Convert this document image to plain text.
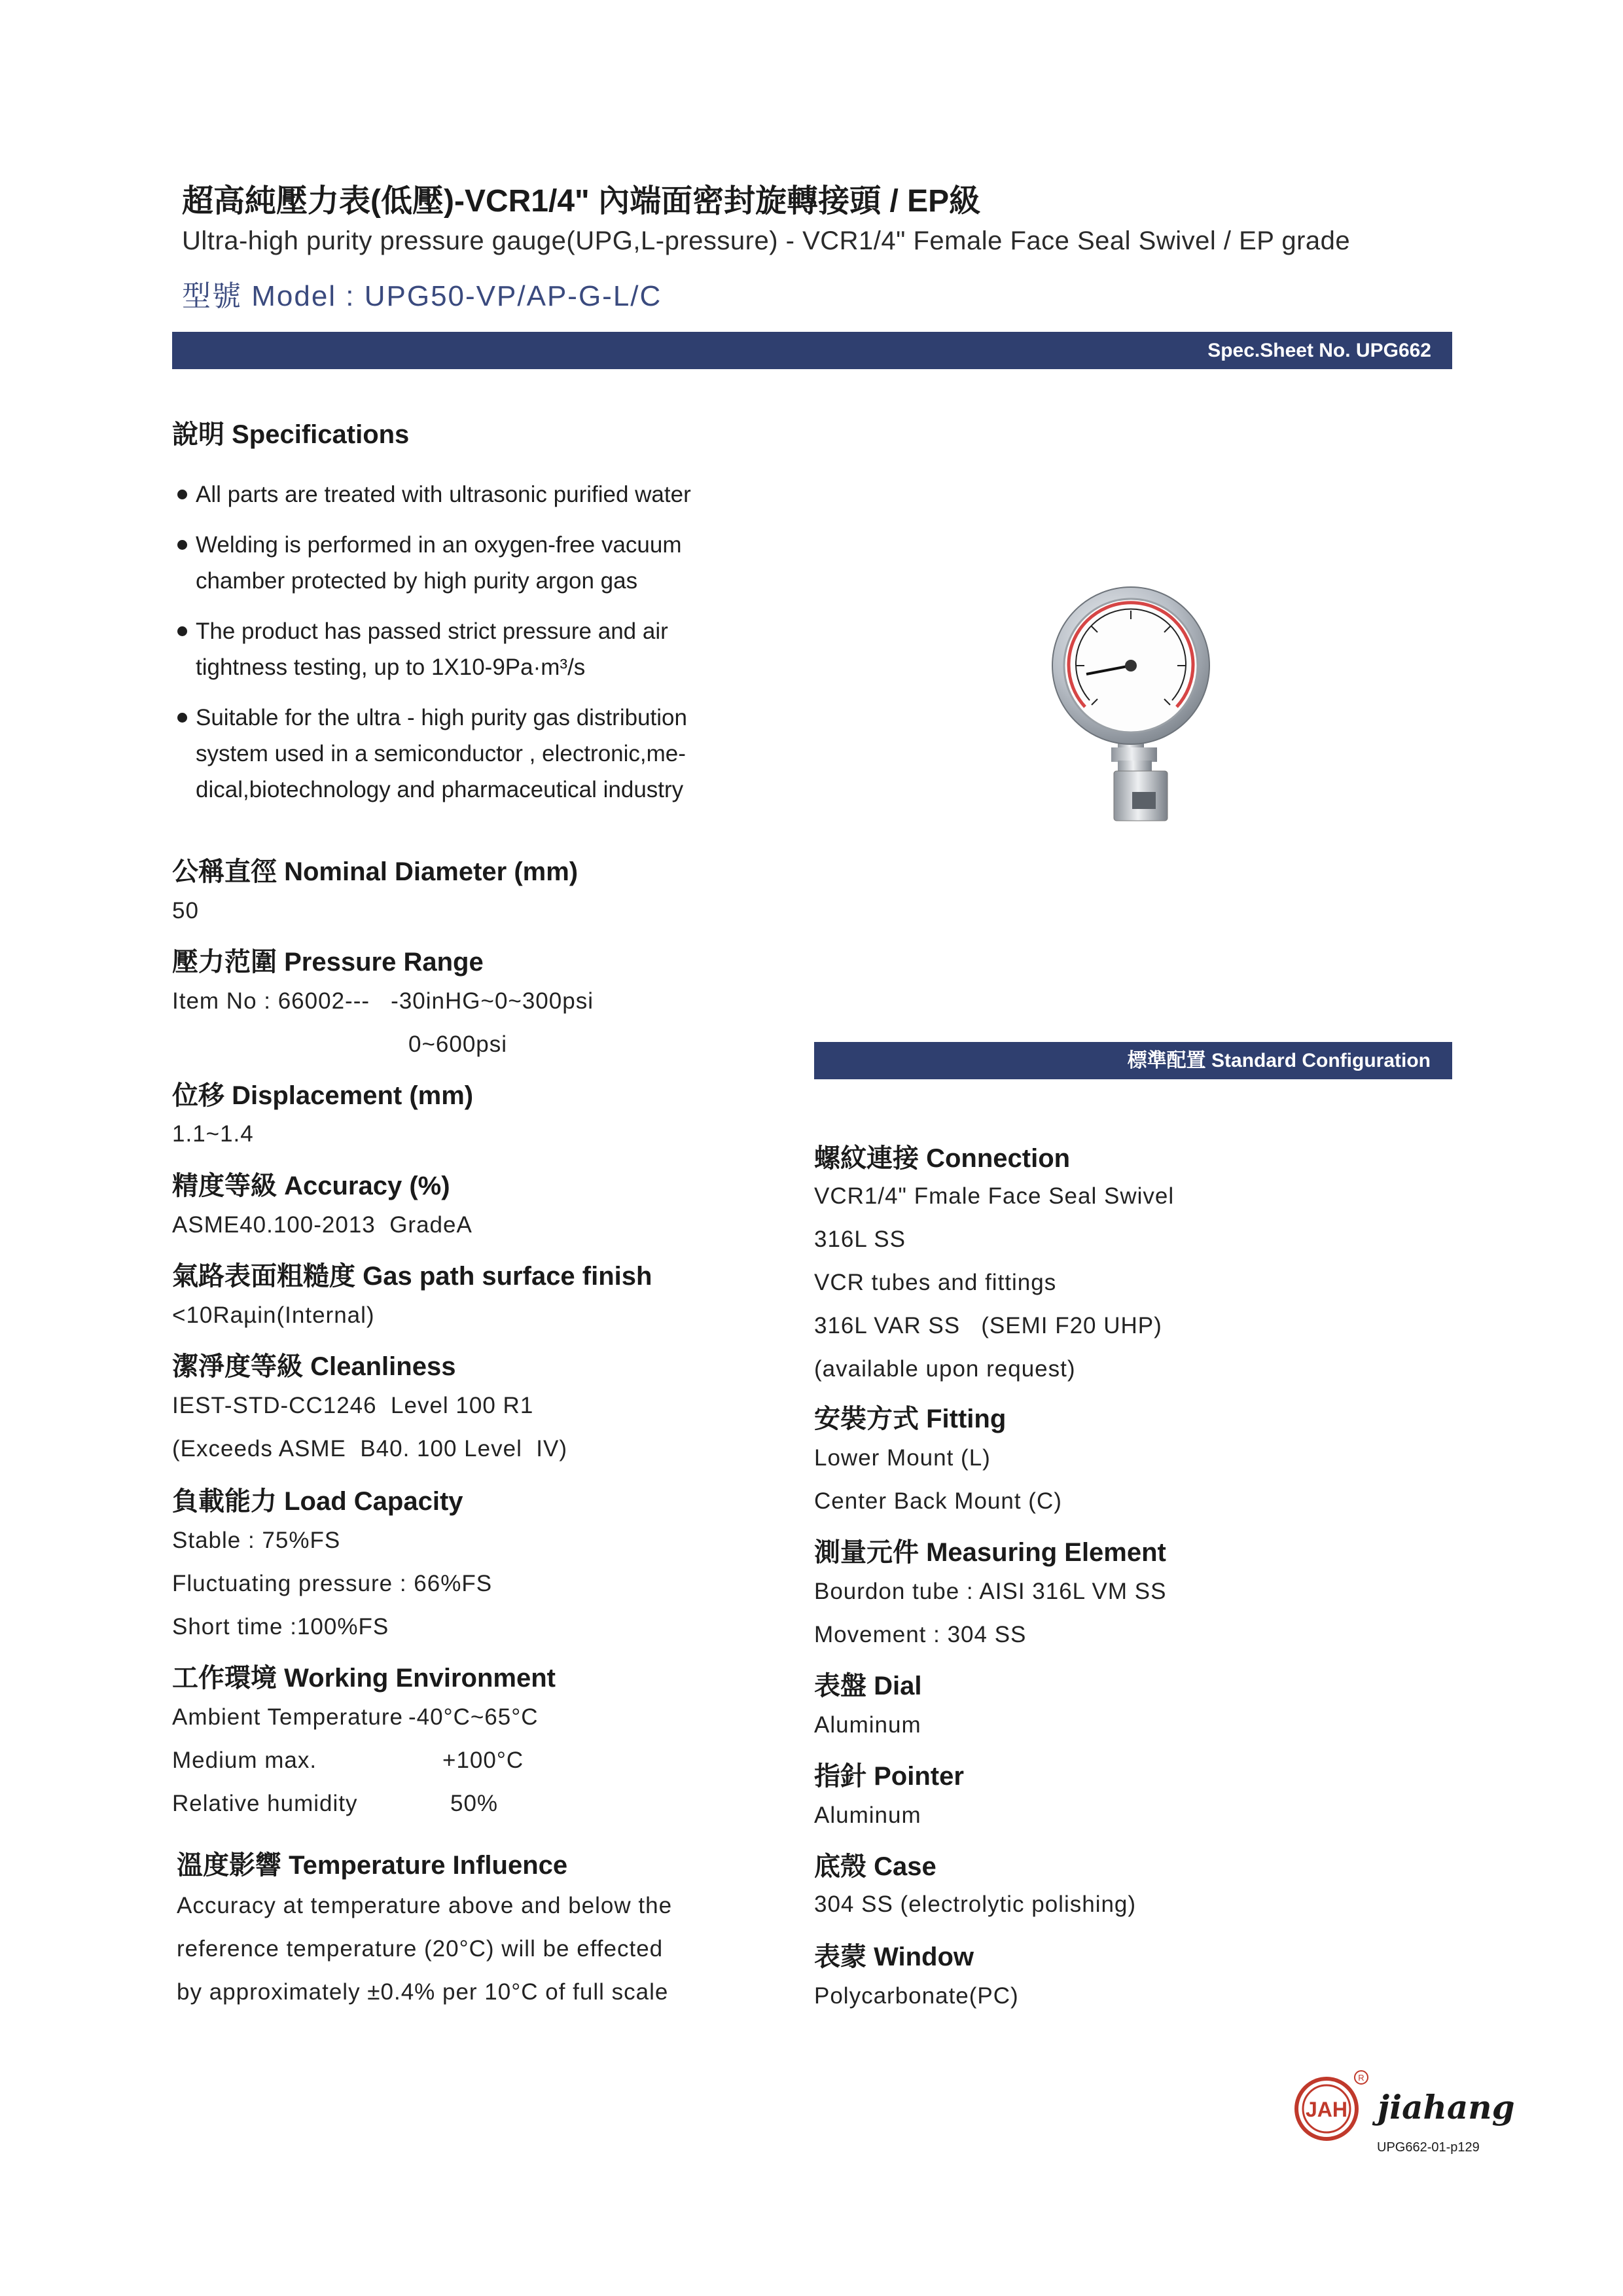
超高純壓力表(低壓)-VCR1/4" 內端面密封旋轉接頭 / EP級
Ultra-high purity pressure gauge(UPG,L-pressure) - VCR1/4" Female Face Seal Swivel / EP grade
型號 Model : UPG50-VP/AP-G-L/C
Spec.Sheet No. UPG662
說明 Specifications
All parts are treated with ultrasonic purified water
Welding is performed in an oxygen-free vacuum chamber protected by high purity argon gas
The product has passed strict pressure and air tightness testing, up to 1X10-9Pa·m³/s
Suitable for the ultra - high purity gas distribution system used in a semiconductor , electronic,me-dical,biotechnology and pharmaceutical industry
公稱直徑 Nominal Diameter (mm)
50
壓力范圍 Pressure Range
Item No : 66002---   -30inHG~0~300psi
0~600psi
位移 Displacement (mm)
1.1~1.4
精度等級 Accuracy (%)
ASME40.100-2013  GradeA
氣路表面粗糙度 Gas path surface finish
<10Raµin(Internal)
潔淨度等級 Cleanliness
IEST-STD-CC1246  Level 100 R1
(Exceeds ASME  B40. 100 Level  IV)
負載能力 Load Capacity
Stable : 75%FS
Fluctuating pressure : 66%FS
Short time :100%FS
工作環境 Working Environment
Ambient Temperature -40°C~65°C
Medium max.	+100°C
Relative humidity	50%
溫度影響 Temperature Influence
Accuracy at temperature above and below the
reference temperature (20°C) will be effected
by approximately ±0.4% per 10°C of full scale
標準配置 Standard Configuration
螺紋連接 Connection
VCR1/4" Fmale Face Seal Swivel
316L SS
VCR tubes and fittings
316L VAR SS   (SEMI F20 UHP)
(available upon request)
安裝方式 Fitting
Lower Mount (L)
Center Back Mount (C)
測量元件 Measuring Element
Bourdon tube : AISI 316L VM SS
Movement : 304 SS
表盤 Dial
Aluminum
指針 Pointer
Aluminum
底殼 Case
304 SS (electrolytic polishing)
表蒙 Window
Polycarbonate(PC)
JAH
R
jiahang
UPG662-01-p129
